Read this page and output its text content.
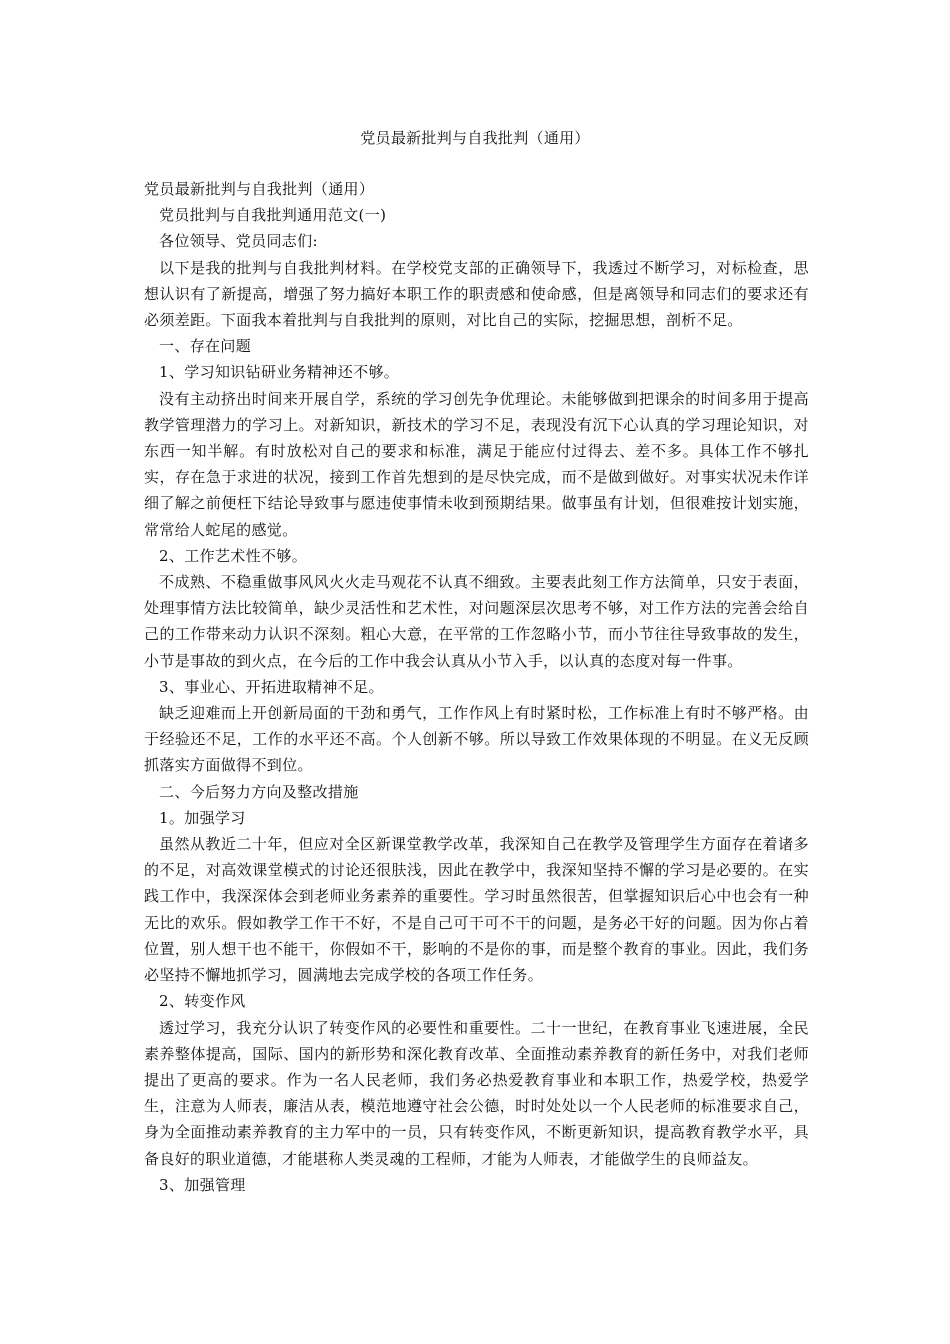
党员最新批判与自我批判（通用）

党员最新批判与自我批判（通用）

党员批判与自我批判通用范文(一)

各位领导、党员同志们:

以下是我的批判与自我批判材料。在学校党支部的正确领导下，我透过不断学习，对标检查，思想认识有了新提高，增强了努力搞好本职工作的职责感和使命感，但是离领导和同志们的要求还有必须差距。下面我本着批判与自我批判的原则，对比自己的实际，挖掘思想，剖析不足。

一、存在问题

1、学习知识钻研业务精神还不够。

没有主动挤出时间来开展自学，系统的学习创先争优理论。未能够做到把课余的时间多用于提高教学管理潜力的学习上。对新知识，新技术的学习不足，表现没有沉下心认真的学习理论知识，对东西一知半解。有时放松对自己的要求和标准，满足于能应付过得去、差不多。具体工作不够扎实，存在急于求进的状况，接到工作首先想到的是尽快完成，而不是做到做好。对事实状况未作详细了解之前便枉下结论导致事与愿违使事情未收到预期结果。做事虽有计划，但很难按计划实施，常常给人蛇尾的感觉。

2、工作艺术性不够。

不成熟、不稳重做事风风火火走马观花不认真不细致。主要表此刻工作方法简单，只安于表面，处理事情方法比较简单，缺少灵活性和艺术性，对问题深层次思考不够，对工作方法的完善会给自己的工作带来动力认识不深刻。粗心大意，在平常的工作忽略小节，而小节往往导致事故的发生，小节是事故的到火点，在今后的工作中我会认真从小节入手，以认真的态度对每一件事。

3、事业心、开拓进取精神不足。

缺乏迎难而上开创新局面的干劲和勇气，工作作风上有时紧时松，工作标准上有时不够严格。由于经验还不足，工作的水平还不高。个人创新不够。所以导致工作效果体现的不明显。在义无反顾抓落实方面做得不到位。

二、今后努力方向及整改措施

1。加强学习

虽然从教近二十年，但应对全区新课堂教学改革，我深知自己在教学及管理学生方面存在着诸多的不足，对高效课堂模式的讨论还很肤浅，因此在教学中，我深知坚持不懈的学习是必要的。在实践工作中，我深深体会到老师业务素养的重要性。学习时虽然很苦，但掌握知识后心中也会有一种无比的欢乐。假如教学工作干不好，不是自己可干可不干的问题，是务必干好的问题。因为你占着位置，别人想干也不能干，你假如不干，影响的不是你的事，而是整个教育的事业。因此，我们务必坚持不懈地抓学习，圆满地去完成学校的各项工作任务。

2、转变作风

透过学习，我充分认识了转变作风的必要性和重要性。二十一世纪，在教育事业飞速进展，全民素养整体提高，国际、国内的新形势和深化教育改革、全面推动素养教育的新任务中，对我们老师提出了更高的要求。作为一名人民老师，我们务必热爱教育事业和本职工作，热爱学校，热爱学生，注意为人师表，廉洁从表，模范地遵守社会公德，时时处处以一个人民老师的标准要求自己，身为全面推动素养教育的主力军中的一员，只有转变作风，不断更新知识，提高教育教学水平，具备良好的职业道德，才能堪称人类灵魂的工程师，才能为人师表，才能做学生的良师益友。

3、加强管理
